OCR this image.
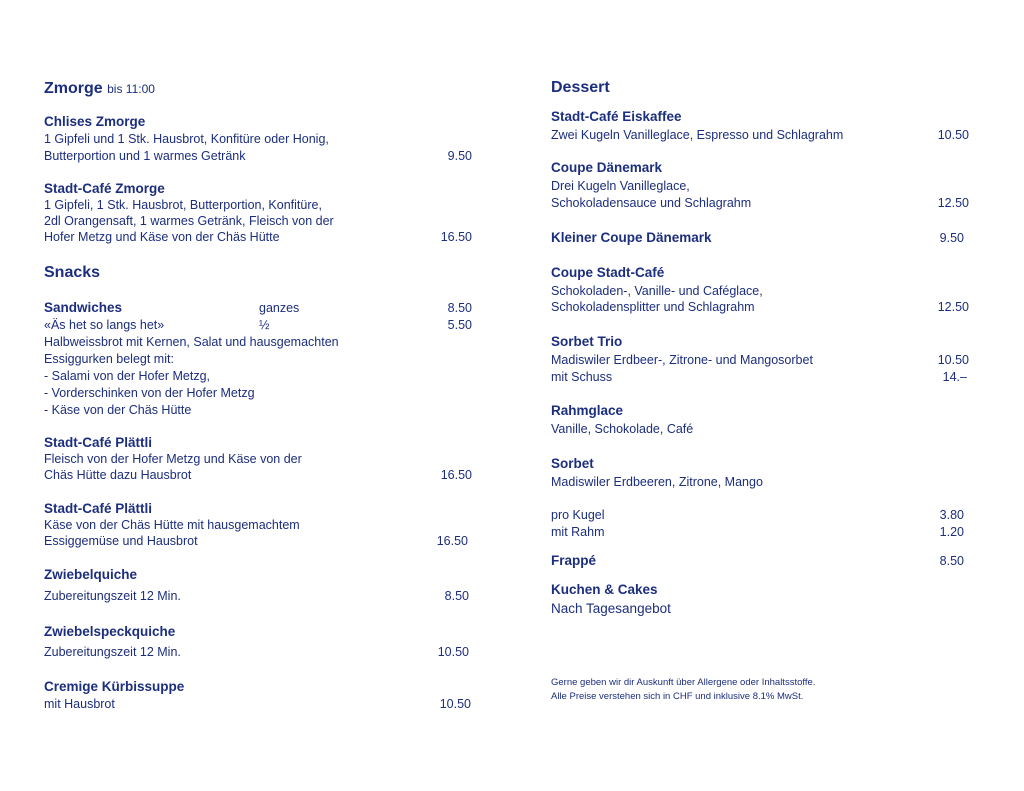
Zmorge bis 11:00
Chlises Zmorge
1 Gipfeli und 1 Stk. Hausbrot, Konfitüre oder Honig,
Butterportion und 1 warmes Getränk	9.50
Stadt-Café Zmorge
1 Gipfeli, 1 Stk. Hausbrot, Butterportion, Konfitüre,
2dl Orangensaft, 1 warmes Getränk, Fleisch von der
Hofer Metzg und Käse von der Chäs Hütte	16.50
Snacks
Sandwiches	ganzes	8.50
«Äs het so langs het»	½	5.50
Halbweissbrot mit Kernen, Salat und hausgemachten
Essiggurken belegt mit:
- Salami von der Hofer Metzg,
- Vorderschinken von der Hofer Metzg
- Käse von der Chäs Hütte
Stadt-Café Plättli
Fleisch von der Hofer Metzg und Käse von der
Chäs Hütte dazu Hausbrot	16.50
Stadt-Café Plättli
Käse von der Chäs Hütte mit hausgemachtem
Essiggemüse und Hausbrot	16.50
Zwiebelquiche
Zubereitungszeit 12 Min.	8.50
Zwiebelspeckquiche
Zubereitungszeit 12 Min.	10.50
Cremige Kürbissuppe
mit Hausbrot	10.50
Dessert
Stadt-Café Eiskaffee
Zwei Kugeln Vanilleglace, Espresso und Schlagrahm	10.50
Coupe Dänemark
Drei Kugeln Vanilleglace,
Schokoladensauce und Schlagrahm	12.50
Kleiner Coupe Dänemark	9.50
Coupe Stadt-Café
Schokoladen-, Vanille- und Caféglace,
Schokoladensplitter und Schlagrahm	12.50
Sorbet Trio
Madiswiler Erdbeer-, Zitrone- und Mangosorbet	10.50
mit Schuss	14.–
Rahmglace
Vanille, Schokolade, Café
Sorbet
Madiswiler Erdbeeren, Zitrone, Mango
pro Kugel	3.80
mit Rahm	1.20
Frappé	8.50
Kuchen & Cakes
Nach Tagesangebot
Gerne geben wir dir Auskunft über Allergene oder Inhaltsstoffe.
Alle Preise verstehen sich in CHF und inklusive 8.1% MwSt.
